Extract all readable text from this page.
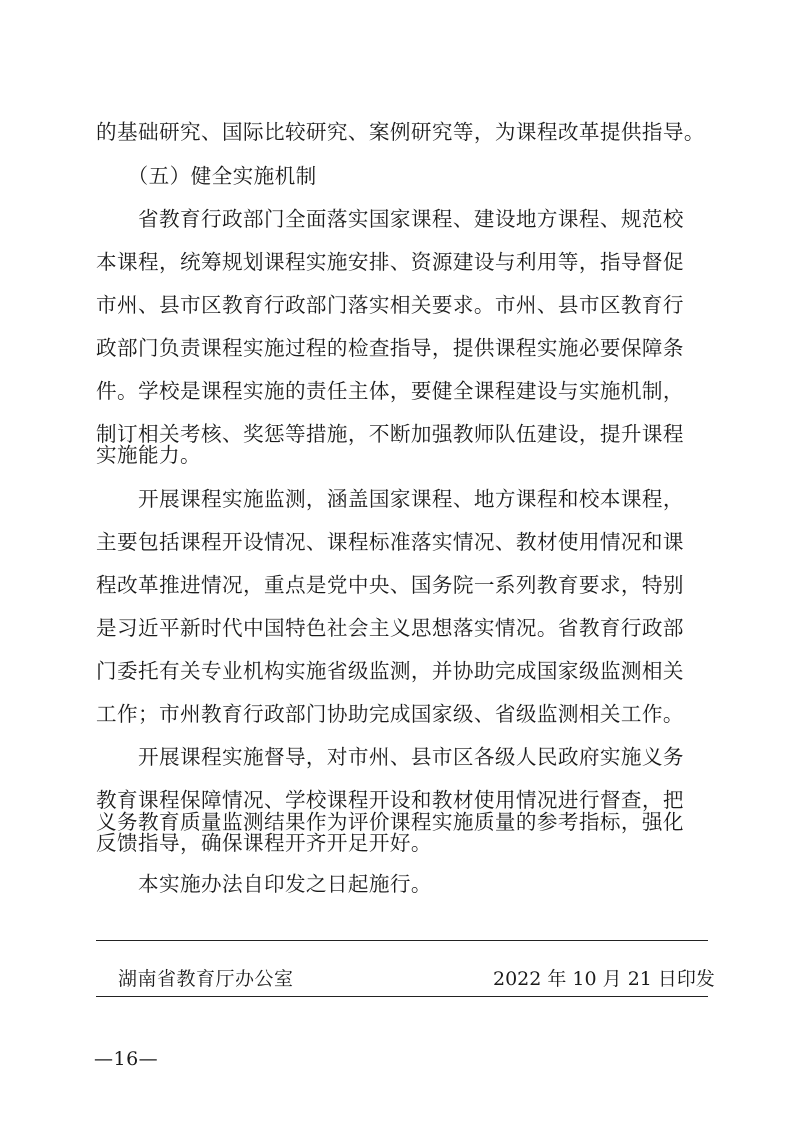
的基础研究、国际比较研究、案例研究等，为课程改革提供指导。
　　（五）健全实施机制
　　省教育行政部门全面落实国家课程、建设地方课程、规范校
本课程，统筹规划课程实施安排、资源建设与利用等，指导督促
市州、县市区教育行政部门落实相关要求。市州、县市区教育行
政部门负责课程实施过程的检查指导，提供课程实施必要保障条
件。学校是课程实施的责任主体，要健全课程建设与实施机制，
制订相关考核、奖惩等措施，不断加强教师队伍建设，提升课程
实施能力。
　　开展课程实施监测，涵盖国家课程、地方课程和校本课程，
主要包括课程开设情况、课程标准落实情况、教材使用情况和课
程改革推进情况，重点是党中央、国务院一系列教育要求，特别
是习近平新时代中国特色社会主义思想落实情况。省教育行政部
门委托有关专业机构实施省级监测，并协助完成国家级监测相关
工作；市州教育行政部门协助完成国家级、省级监测相关工作。
　　开展课程实施督导，对市州、县市区各级人民政府实施义务
教育课程保障情况、学校课程开设和教材使用情况进行督查，把
义务教育质量监测结果作为评价课程实施质量的参考指标，强化
反馈指导，确保课程开齐开足开好。
　　本实施办法自印发之日起施行。
湖南省教育厅办公室	2022 年 10 月 21 日印发
—16—
